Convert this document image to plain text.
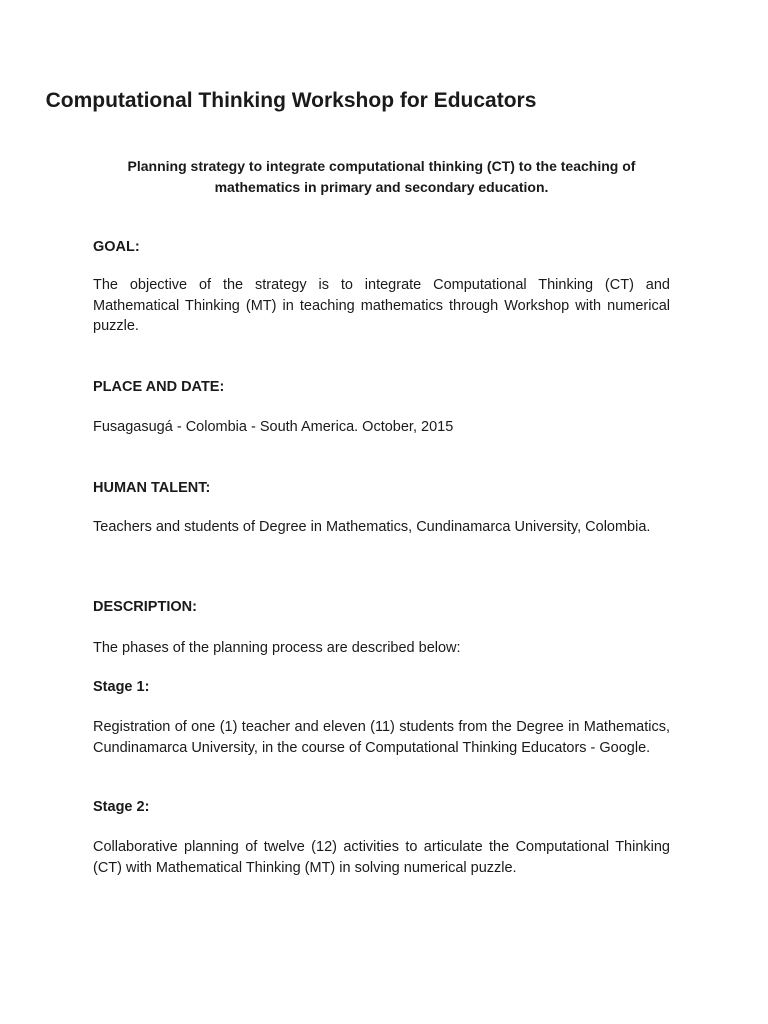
Computational Thinking Workshop for Educators

Planning strategy to integrate computational thinking (CT) to the teaching of mathematics in primary and secondary education.

GOAL:

The objective of the strategy is to integrate Computational Thinking (CT) and Mathematical Thinking (MT) in teaching mathematics through Workshop with numerical puzzle.

PLACE AND DATE:

Fusagasugá - Colombia - South America. October, 2015

HUMAN TALENT:

Teachers and students of Degree in Mathematics, Cundinamarca University, Colombia.

DESCRIPTION:

The phases of the planning process are described below:

Stage 1:

Registration of one (1) teacher and eleven (11) students from the Degree in Mathematics, Cundinamarca University, in the course of Computational Thinking Educators - Google.

Stage 2:

Collaborative planning of twelve (12) activities to articulate the Computational Thinking (CT) with Mathematical Thinking (MT) in solving numerical puzzle.
